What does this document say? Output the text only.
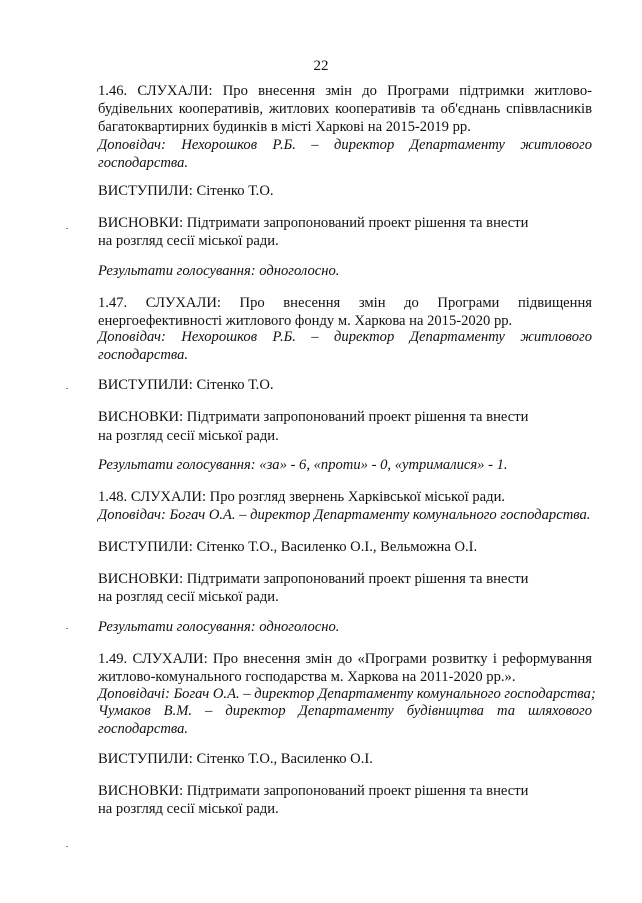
22
1.46. СЛУХАЛИ: Про внесення змін до Програми підтримки житлово-
будівельних кооперативів, житлових кооперативів та об'єднань співвласників
багатоквартирних будинків в місті Харкові на 2015-2019 рр.
Доповідач: Нехорошков Р.Б. – директор Департаменту житлового
господарства.
ВИСТУПИЛИ: Сітенко Т.О.
ВИСНОВКИ: Підтримати запропонований проект рішення та внести
на розгляд сесії міської ради.
Результати голосування: одноголосно.
1.47. СЛУХАЛИ: Про внесення змін до Програми підвищення
енергоефективності житлового фонду м. Харкова на 2015-2020 рр.
Доповідач: Нехорошков Р.Б. – директор Департаменту житлового
господарства.
ВИСТУПИЛИ: Сітенко Т.О.
ВИСНОВКИ: Підтримати запропонований проект рішення та внести
на розгляд сесії міської ради.
Результати голосування: «за» - 6, «проти» - 0, «утрималися» - 1.
1.48. СЛУХАЛИ: Про розгляд звернень Харківської міської ради.
Доповідач: Богач О.А. – директор Департаменту комунального господарства.
ВИСТУПИЛИ: Сітенко Т.О., Василенко О.І., Вельможна О.І.
ВИСНОВКИ: Підтримати запропонований проект рішення та внести
на розгляд сесії міської ради.
Результати голосування: одноголосно.
1.49. СЛУХАЛИ: Про внесення змін до «Програми розвитку і реформування
житлово-комунального господарства м. Харкова на 2011-2020 рр.».
Доповідачі: Богач О.А. – директор Департаменту комунального господарства;
Чумаков В.М. – директор Департаменту будівництва та шляхового
господарства.
ВИСТУПИЛИ: Сітенко Т.О., Василенко О.І.
ВИСНОВКИ: Підтримати запропонований проект рішення та внести
на розгляд сесії міської ради.
